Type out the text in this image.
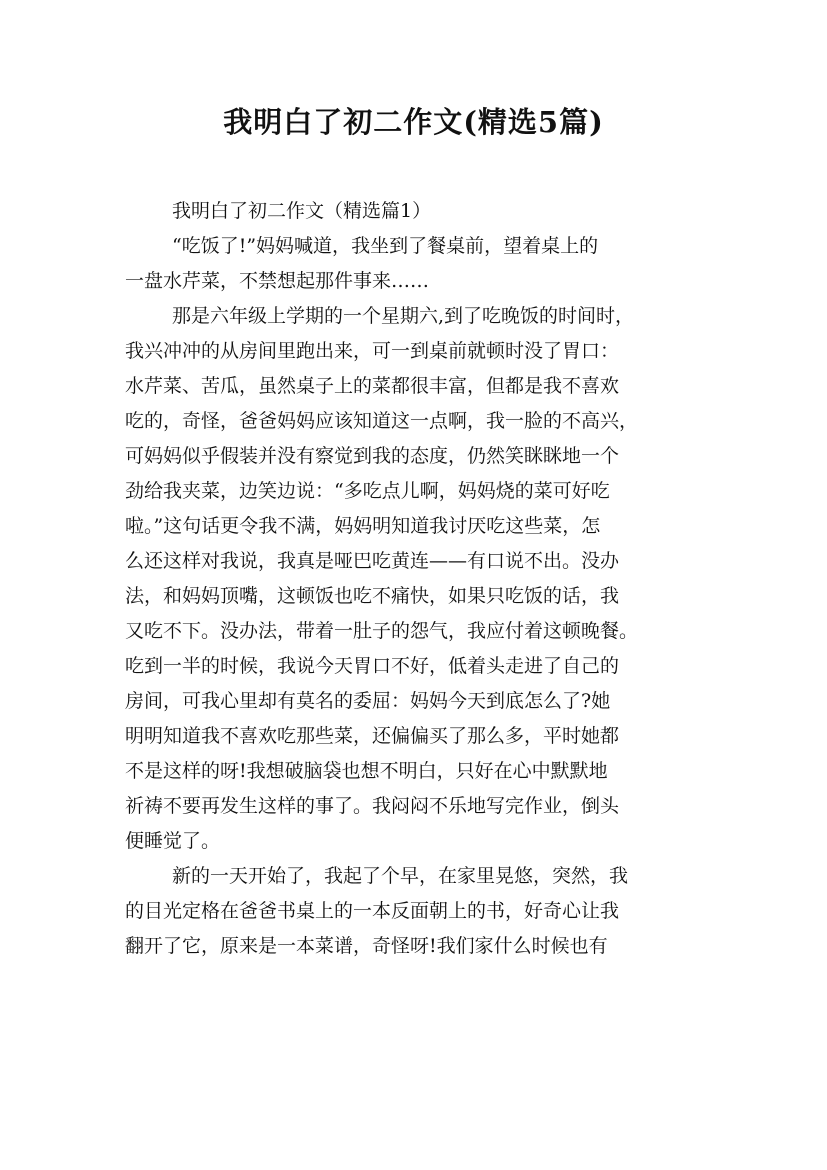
我明白了初二作文(精选5篇)
我明白了初二作文（精选篇1）
“吃饭了!”妈妈喊道，我坐到了餐桌前，望着桌上的
一盘水芹菜，不禁想起那件事来……
那是六年级上学期的一个星期六,到了吃晚饭的时间时，
我兴冲冲的从房间里跑出来，可一到桌前就顿时没了胃口：
水芹菜、苦瓜，虽然桌子上的菜都很丰富，但都是我不喜欢
吃的，奇怪，爸爸妈妈应该知道这一点啊，我一脸的不高兴，
可妈妈似乎假装并没有察觉到我的态度，仍然笑眯眯地一个
劲给我夹菜，边笑边说：“多吃点儿啊，妈妈烧的菜可好吃
啦。”这句话更令我不满，妈妈明知道我讨厌吃这些菜，怎
么还这样对我说，我真是哑巴吃黄连——有口说不出。没办
法，和妈妈顶嘴，这顿饭也吃不痛快，如果只吃饭的话，我
又吃不下。没办法，带着一肚子的怨气，我应付着这顿晚餐。
吃到一半的时候，我说今天胃口不好，低着头走进了自己的
房间，可我心里却有莫名的委屈：妈妈今天到底怎么了?她
明明知道我不喜欢吃那些菜，还偏偏买了那么多，平时她都
不是这样的呀!我想破脑袋也想不明白，只好在心中默默地
祈祷不要再发生这样的事了。我闷闷不乐地写完作业，倒头
便睡觉了。
新的一天开始了，我起了个早，在家里晃悠，突然，我
的目光定格在爸爸书桌上的一本反面朝上的书，好奇心让我
翻开了它，原来是一本菜谱，奇怪呀!我们家什么时候也有
